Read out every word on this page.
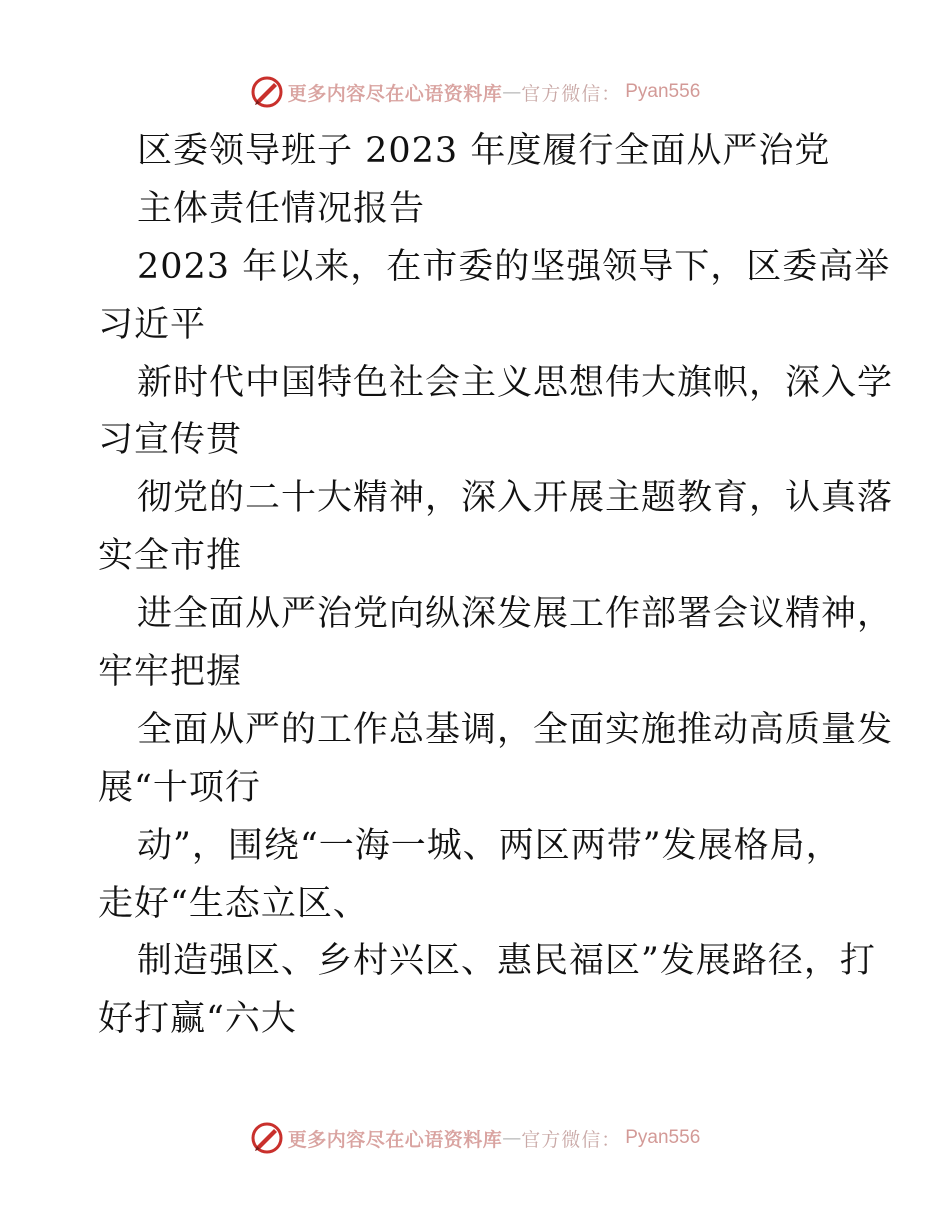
更多内容尽在心语资料库 — 官方微信： Pyan556
区委领导班子 2023 年度履行全面从严治党
主体责任情况报告
2023 年以来，在市委的坚强领导下，区委高举
习近平
新时代中国特色社会主义思想伟大旗帜，深入学
习宣传贯
彻党的二十大精神，深入开展主题教育，认真落
实全市推
进全面从严治党向纵深发展工作部署会议精神，
牢牢把握
全面从严的工作总基调，全面实施推动高质量发
展“十项行
动”，围绕“一海一城、两区两带”发展格局，
走好“生态立区、
制造强区、乡村兴区、惠民福区”发展路径，打
好打赢“六大
更多内容尽在心语资料库 — 官方微信： Pyan556
